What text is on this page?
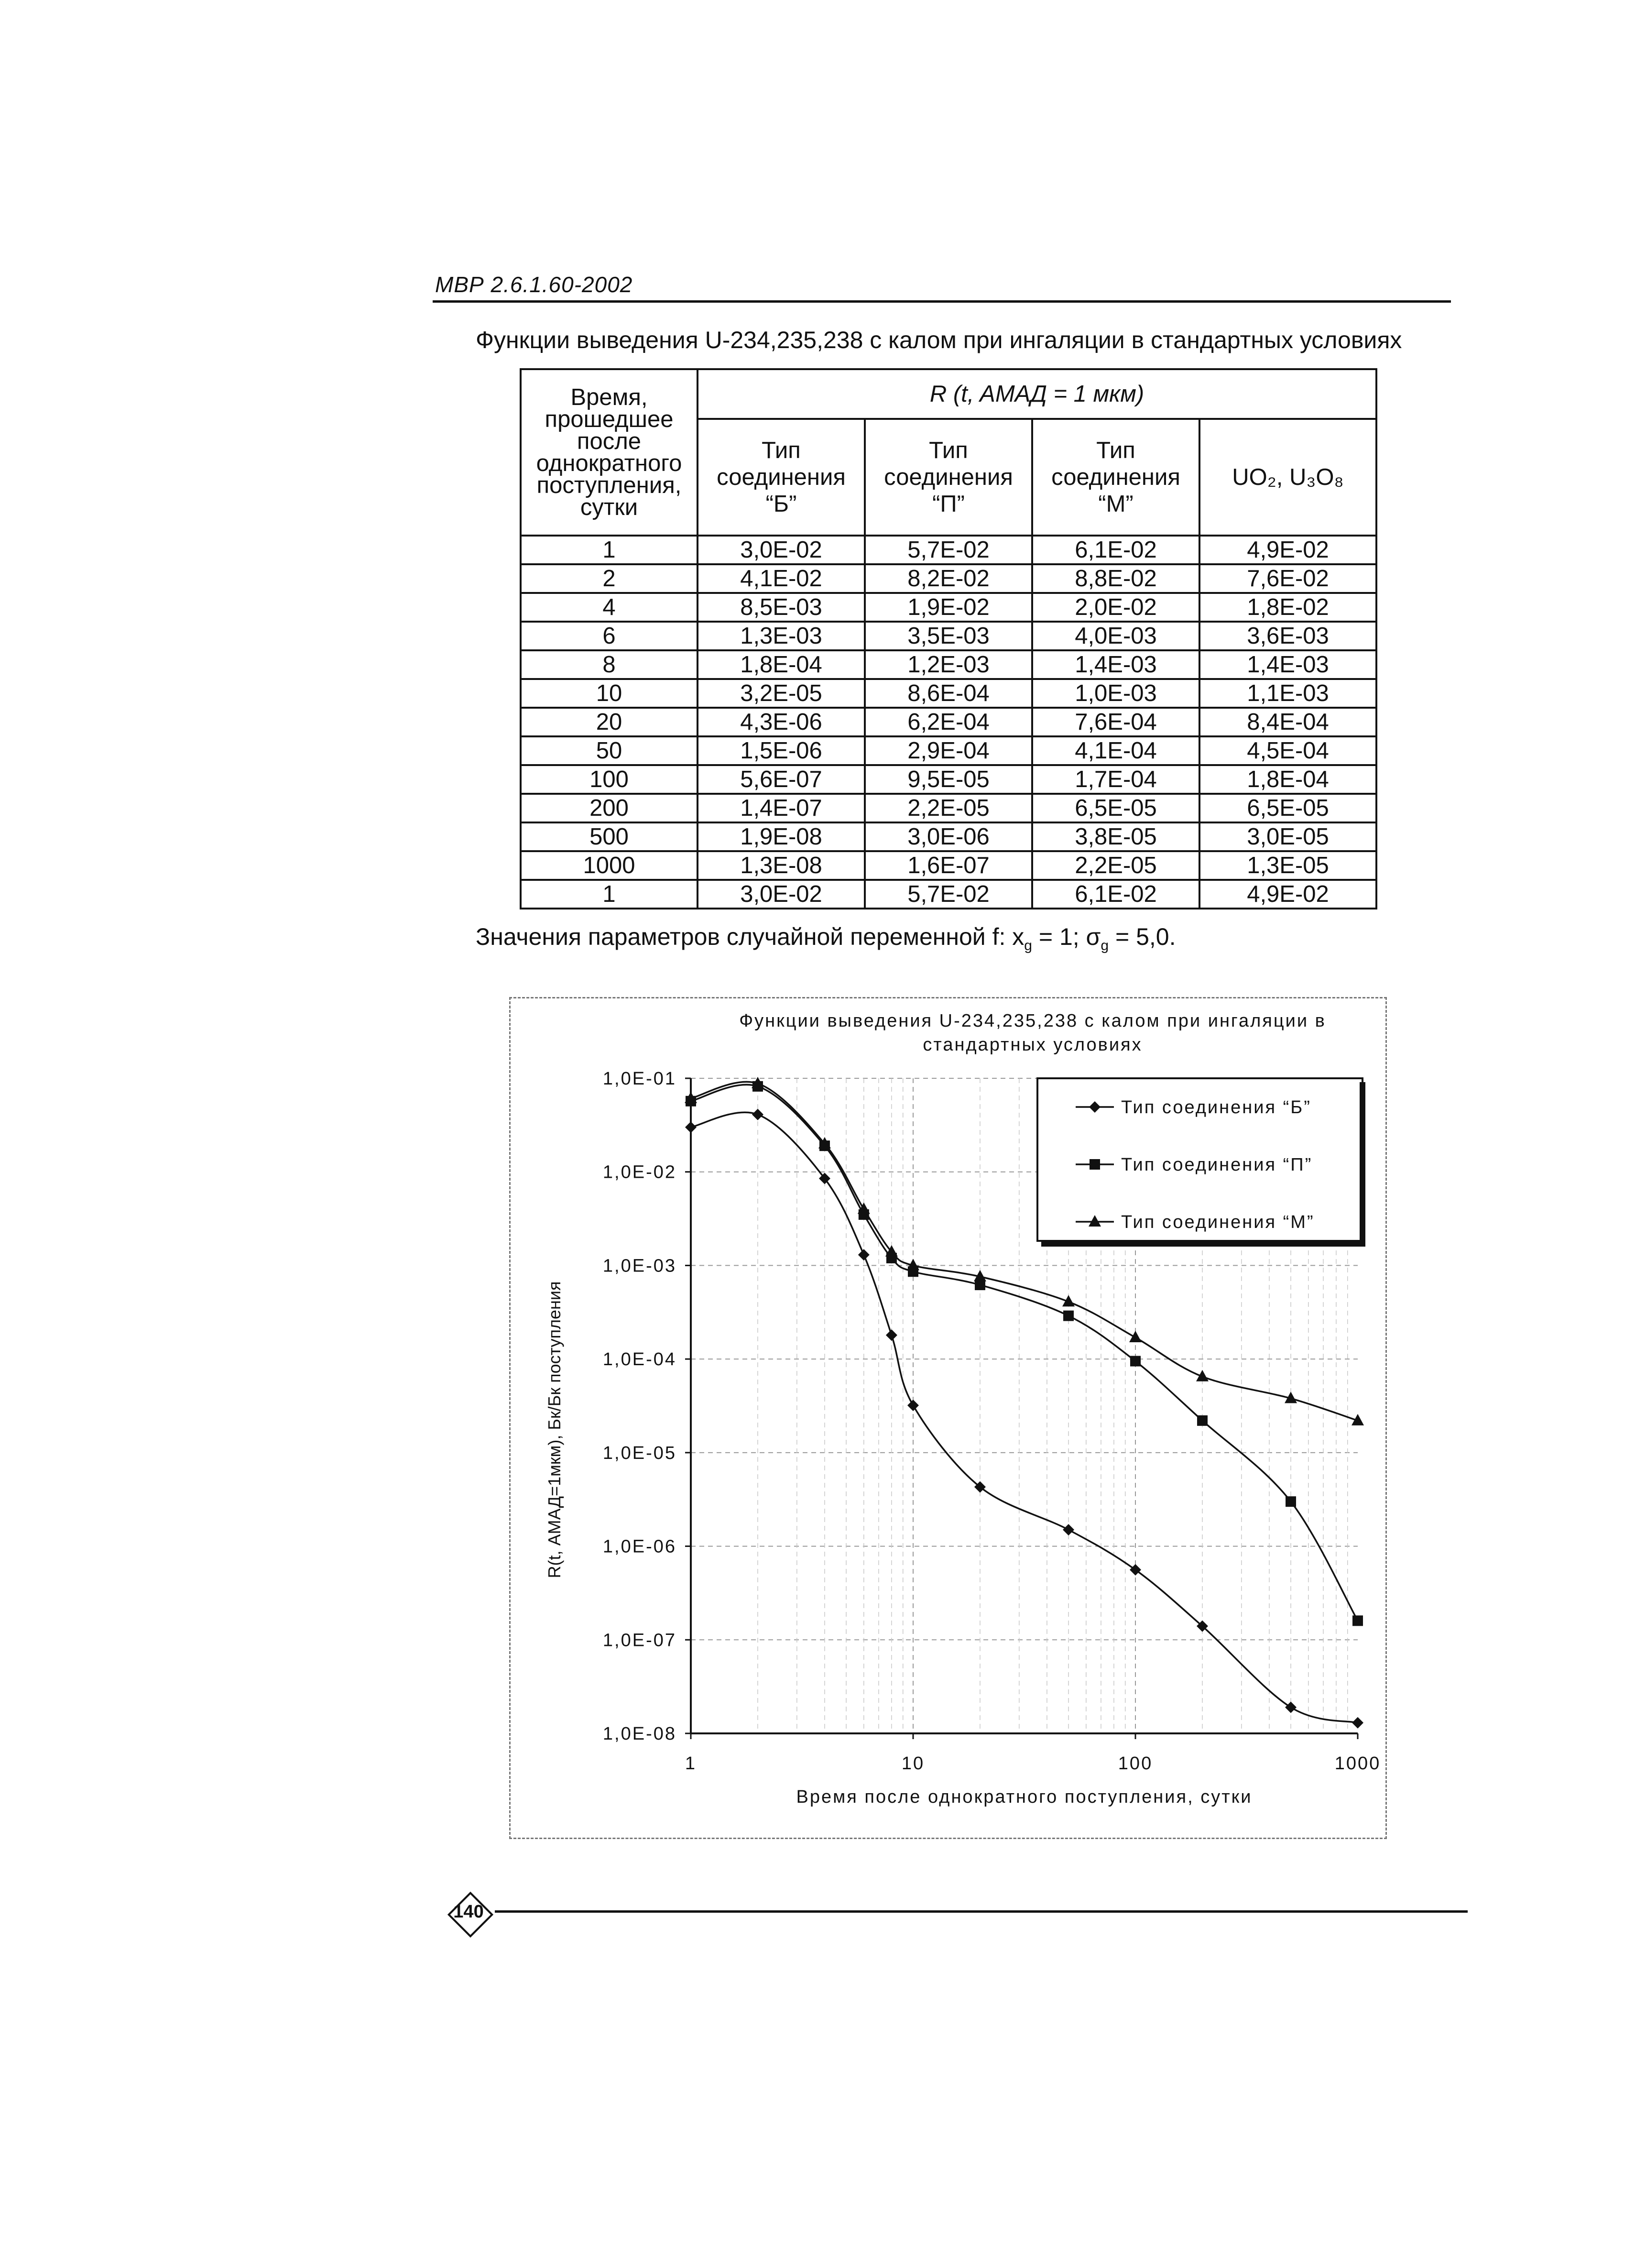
МВР 2.6.1.60-2002
Функции выведения U-234,235,238 с калом при ингаляции в стандартных условиях
Время, прошедшее после однократного поступления, сутки	R (t, AMAД = 1 мкм)			
	Тип соединения “Б”	Тип соединения “П”	Тип соединения “М”	UO₂, U₃O₈
1	3,0E-02	5,7E-02	6,1E-02	4,9E-02
2	4,1E-02	8,2E-02	8,8E-02	7,6E-02
4	8,5E-03	1,9E-02	2,0E-02	1,8E-02
6	1,3E-03	3,5E-03	4,0E-03	3,6E-03
8	1,8E-04	1,2E-03	1,4E-03	1,4E-03
10	3,2E-05	8,6E-04	1,0E-03	1,1E-03
20	4,3E-06	6,2E-04	7,6E-04	8,4E-04
50	1,5E-06	2,9E-04	4,1E-04	4,5E-04
100	5,6E-07	9,5E-05	1,7E-04	1,8E-04
200	1,4E-07	2,2E-05	6,5E-05	6,5E-05
500	1,9E-08	3,0E-06	3,8E-05	3,0E-05
1000	1,3E-08	1,6E-07	2,2E-05	1,3E-05
1	3,0E-02	5,7E-02	6,1E-02	4,9E-02
Значения параметров случайной переменной f: $x_g = 1$; $\sigma_g = 5,0$.
Функции выведения U-234,235,238 с калом при ингаляции в стандартных условиях
1,0E-01
1,0E-02
1,0E-03
1,0E-04
1,0E-05
1,0E-06
1,0E-07
1,0E-08
1	10	100	1000
Время после однократного поступления, сутки
R(t, АМАД=1мкм), Бк/Бк поступления
Тип соединения “Б”
Тип соединения “П”
Тип соединения “М”
140
